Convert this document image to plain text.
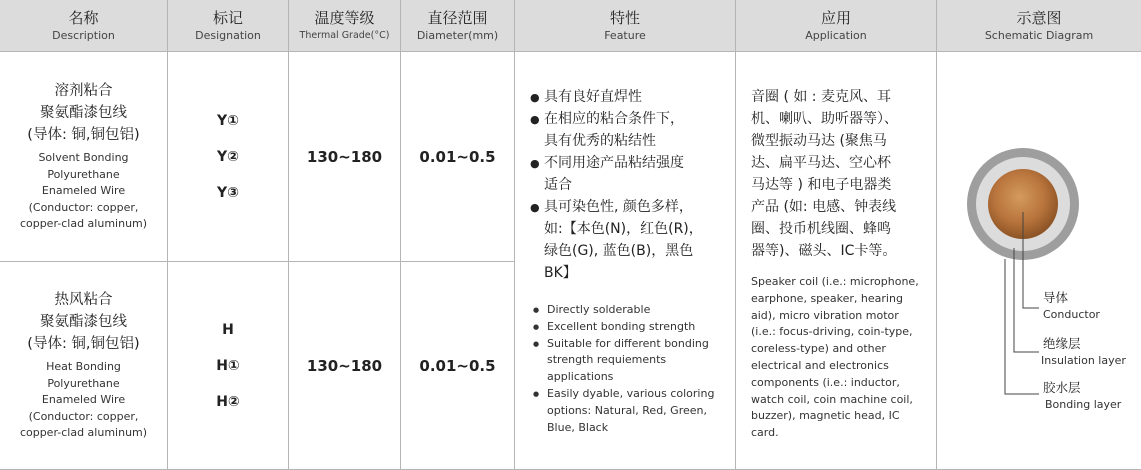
名称
Description
标记
Designation
温度等级
Thermal Grade(°C)
直径范围
Diameter(mm)
特性
Feature
应用
Application
示意图
Schematic Diagram
溶剂粘合
聚氨酯漆包线
(导体: 铜,铜包铝)
Solvent Bonding
Polyurethane
Enameled Wire
(Conductor: copper,
copper-clad aluminum)
Y①
Y②
Y③
130~180 0.01~0.5
热风粘合
聚氨酯漆包线
(导体: 铜,铜包铝)
Heat Bonding
Polyurethane
Enameled Wire
(Conductor: copper,
copper-clad aluminum)
H
H①
H②
130~180 0.01~0.5
● 具有良好直焊性
● 在相应的粘合条件下，
具有优秀的粘结性
● 不同用途产品粘结强度
适合
● 具可染色性, 颜色多样，
如:【本色(N)，红色(R)，
绿色(G), 蓝色(B)，黑色
BK】
● Directly solderable
● Excellent bonding strength
● Suitable for different bonding
strength requiements applications
● Easily dyable, various coloring
options: Natural, Red, Green,
Blue, Black
音圈 ( 如 : 麦克风、耳
机、喇叭、助听器等）、
微型振动马达 (聚焦马
达、扁平马达、空心杯
马达等 ) 和电子电器类
产品 (如: 电感、钟表线
圈、投币机线圈、蜂鸣
器等)、磁头、IC卡等。
Speaker coil (i.e.: microphone,
earphone, speaker, hearing
aid), micro vibration motor
(i.e.: focus-driving, coin-type,
coreless-type) and other
electrical and electronics
components (i.e.: inductor,
watch coil, coin machine coil,
buzzer), magnetic head, IC
card.
导体
Conductor
绝缘层
Insulation layer
胶水层
Bonding layer
